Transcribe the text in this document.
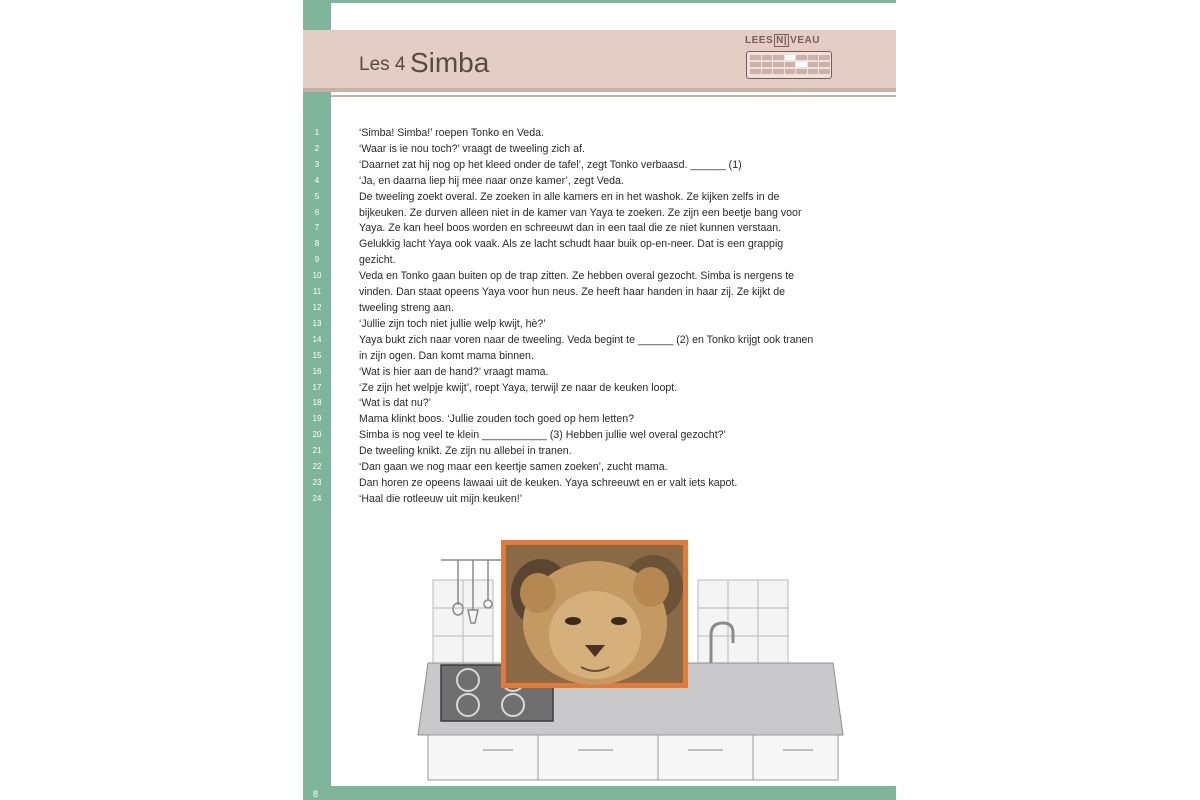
Les 4 Simba
LEES N| VEAU
1	‘Simba! Simba!’ roepen Tonko en Veda.
2	‘Waar is ie nou toch?’ vraagt de tweeling zich af.
3	‘Daarnet zat hij nog op het kleed onder de tafel’, zegt Tonko verbaasd. ______ (1)
4	‘Ja, en daarna liep hij mee naar onze kamer’, zegt Veda.
5	De tweeling zoekt overal. Ze zoeken in alle kamers en in het washok. Ze kijken zelfs in de
6	bijkeuken. Ze durven alleen niet in de kamer van Yaya te zoeken. Ze zijn een beetje bang voor
7	Yaya. Ze kan heel boos worden en schreeuwt dan in een taal die ze niet kunnen verstaan.
8	Gelukkig lacht Yaya ook vaak. Als ze lacht schudt haar buik op-en-neer. Dat is een grappig
9	gezicht.
10	Veda en Tonko gaan buiten op de trap zitten. Ze hebben overal gezocht. Simba is nergens te
11	vinden. Dan staat opeens Yaya voor hun neus. Ze heeft haar handen in haar zij. Ze kijkt de
12	tweeling streng aan.
13	‘Jullie zijn toch niet jullie welp kwijt, hè?’
14	Yaya bukt zich naar voren naar de tweeling. Veda begint te ______ (2) en Tonko krijgt ook tranen
15	in zijn ogen. Dan komt mama binnen.
16	‘Wat is hier aan de hand?’ vraagt mama.
17	‘Ze zijn het welpje kwijt’, roept Yaya, terwijl ze naar de keuken loopt.
18	‘Wat is dat nu?’
19	Mama klinkt boos. ‘Jullie zouden toch goed op hem letten?
20	Simba is nog veel te klein ___________ (3) Hebben jullie wel overal gezocht?’
21	De tweeling knikt. Ze zijn nu allebei in tranen.
22	‘Dan gaan we nog maar een keertje samen zoeken’, zucht mama.
23	Dan horen ze opeens lawaai uit de keuken. Yaya schreeuwt en er valt iets kapot.
24	‘Haal die rotleeuw uit mijn keuken!’
8
